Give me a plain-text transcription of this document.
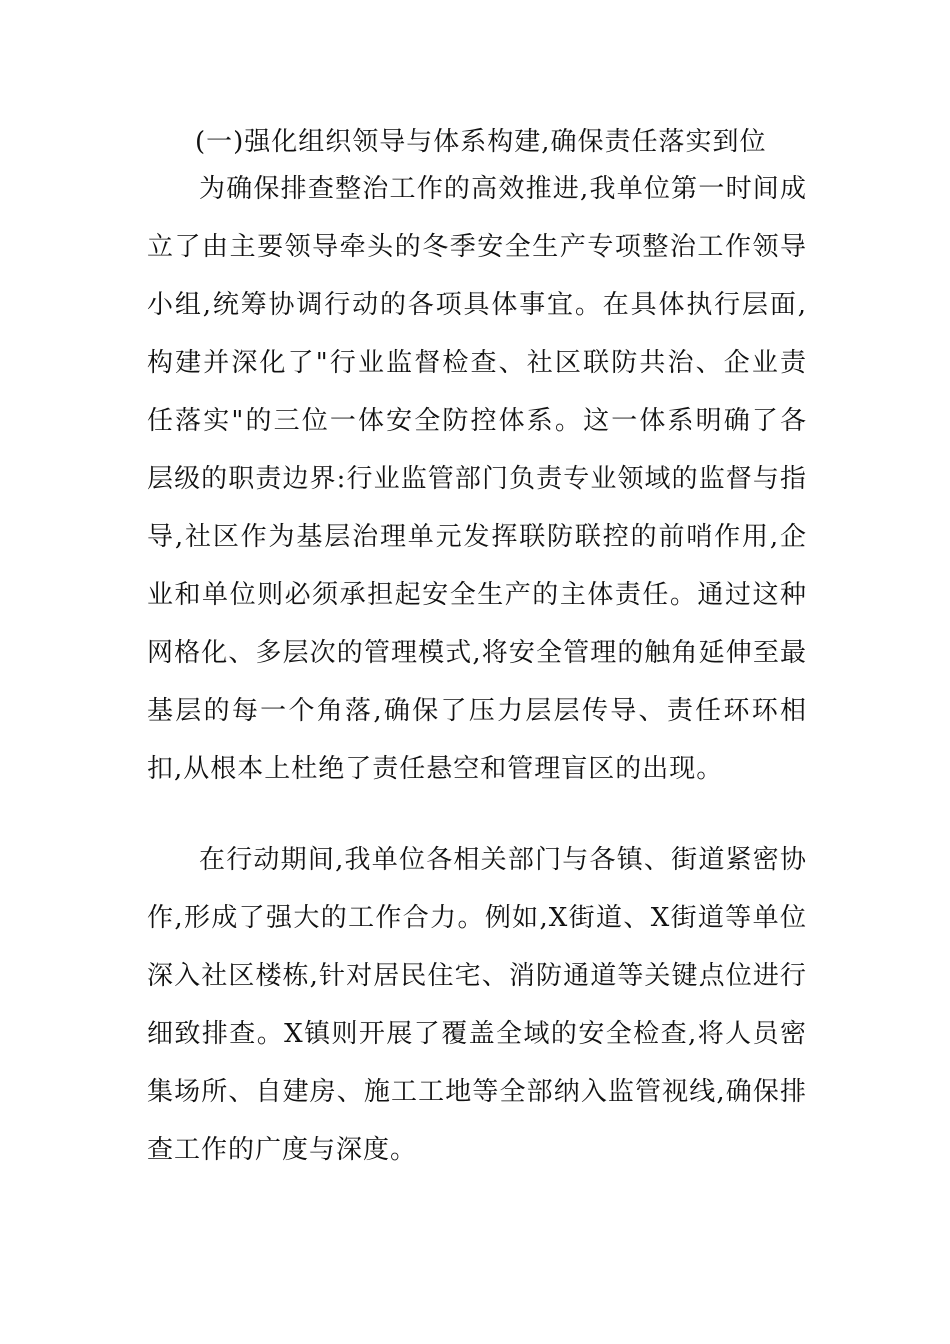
(一)强化组织领导与体系构建,确保责任落实到位
为确保排查整治工作的高效推进,我单位第一时间成立了由主要领导牵头的冬季安全生产专项整治工作领导小组,统筹协调行动的各项具体事宜。在具体执行层面,构建并深化了"行业监督检查、社区联防共治、企业责任落实"的三位一体安全防控体系。这一体系明确了各层级的职责边界:行业监管部门负责专业领域的监督与指导,社区作为基层治理单元发挥联防联控的前哨作用,企业和单位则必须承担起安全生产的主体责任。通过这种网格化、多层次的管理模式,将安全管理的触角延伸至最基层的每一个角落,确保了压力层层传导、责任环环相扣,从根本上杜绝了责任悬空和管理盲区的出现。
在行动期间,我单位各相关部门与各镇、街道紧密协作,形成了强大的工作合力。例如,X街道、X街道等单位深入社区楼栋,针对居民住宅、消防通道等关键点位进行细致排查。X镇则开展了覆盖全域的安全检查,将人员密集场所、自建房、施工工地等全部纳入监管视线,确保排查工作的广度与深度。
